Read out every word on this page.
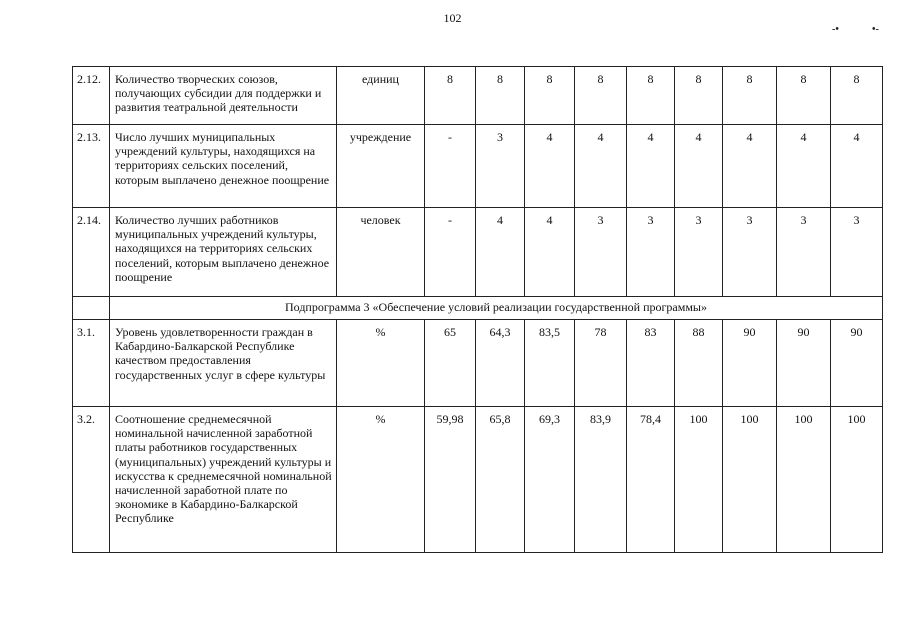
102
-•	•-
2.12.	Количество творческих союзов, получающих субсидии для поддержки и развития театральной деятельности	единиц	8	8	8	8	8	8	8	8	8
2.13.	Число лучших муниципальных учреждений культуры, находящихся на территориях сельских поселений, которым выплачено денежное поощрение	учреждение	-	3	4	4	4	4	4	4	4
2.14.	Количество лучших работников муниципальных учреждений культуры, находящихся на территориях сельских поселений, которым выплачено денежное поощрение	человек	-	4	4	3	3	3	3	3	3
	Подпрограмма 3 «Обеспечение условий реализации государственной программы»										
3.1.	Уровень удовлетворенности граждан в Кабардино-Балкарской Республике качеством предоставления государственных услуг в сфере культуры	%	65	64,3	83,5	78	83	88	90	90	90
3.2.	Соотношение среднемесячной номинальной начисленной заработной платы работников государственных (муниципальных) учреждений культуры и искусства к среднемесячной номинальной начисленной заработной плате по экономике в Кабардино-Балкарской Республике	%	59,98	65,8	69,3	83,9	78,4	100	100	100	100
